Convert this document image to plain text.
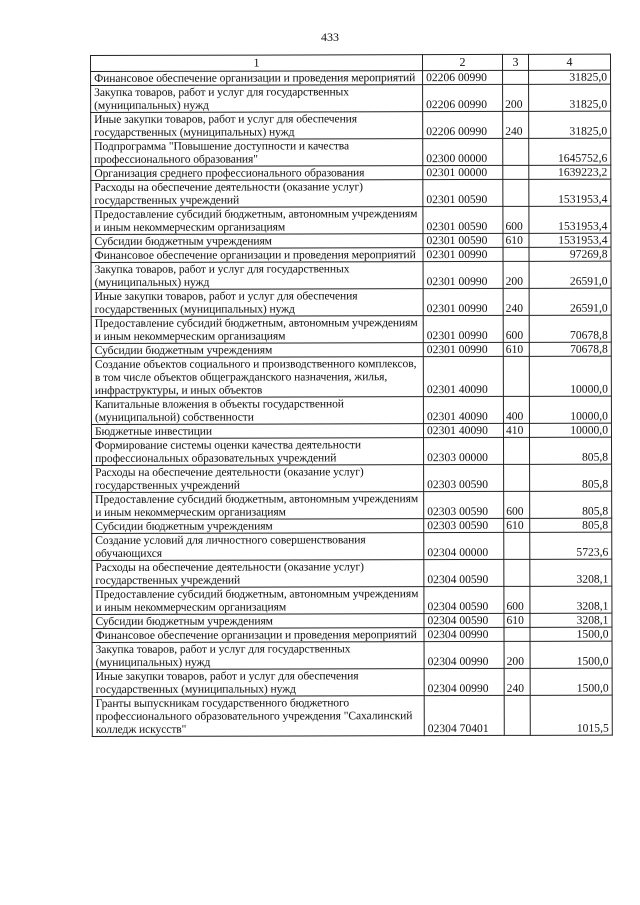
433
1	2	3	4
Финансовое обеспечение организации и проведения мероприятий	02206 00990		31825,0
Закупка товаров, работ и услуг для государственных (муниципальных) нужд	02206 00990	200	31825,0
Иные закупки товаров, работ и услуг для обеспечения государственных (муниципальных) нужд	02206 00990	240	31825,0
Подпрограмма "Повышение доступности и качества профессионального образования"	02300 00000		1645752,6
Организация среднего профессионального образования	02301 00000		1639223,2
Расходы на обеспечение деятельности (оказание услуг) государственных учреждений	02301 00590		1531953,4
Предоставление субсидий бюджетным, автономным учреждениям и иным некоммерческим организациям	02301 00590	600	1531953,4
Субсидии бюджетным учреждениям	02301 00590	610	1531953,4
Финансовое обеспечение организации и проведения мероприятий	02301 00990		97269,8
Закупка товаров, работ и услуг для государственных (муниципальных) нужд	02301 00990	200	26591,0
Иные закупки товаров, работ и услуг для обеспечения государственных (муниципальных) нужд	02301 00990	240	26591,0
Предоставление субсидий бюджетным, автономным учреждениям и иным некоммерческим организациям	02301 00990	600	70678,8
Субсидии бюджетным учреждениям	02301 00990	610	70678,8
Создание объектов социального и производственного комплексов, в том числе объектов общегражданского назначения, жилья, инфраструктуры, и иных объектов	02301 40090		10000,0
Капитальные вложения в объекты государственной (муниципальной) собственности	02301 40090	400	10000,0
Бюджетные инвестиции	02301 40090	410	10000,0
Формирование системы оценки качества деятельности профессиональных образовательных учреждений	02303 00000		805,8
Расходы на обеспечение деятельности (оказание услуг) государственных учреждений	02303 00590		805,8
Предоставление субсидий бюджетным, автономным учреждениям и иным некоммерческим организациям	02303 00590	600	805,8
Субсидии бюджетным учреждениям	02303 00590	610	805,8
Создание условий для личностного совершенствования обучающихся	02304 00000		5723,6
Расходы на обеспечение деятельности (оказание услуг) государственных учреждений	02304 00590		3208,1
Предоставление субсидий бюджетным, автономным учреждениям и иным некоммерческим организациям	02304 00590	600	3208,1
Субсидии бюджетным учреждениям	02304 00590	610	3208,1
Финансовое обеспечение организации и проведения мероприятий	02304 00990		1500,0
Закупка товаров, работ и услуг для государственных (муниципальных) нужд	02304 00990	200	1500,0
Иные закупки товаров, работ и услуг для обеспечения государственных (муниципальных) нужд	02304 00990	240	1500,0
Гранты выпускникам государственного бюджетного профессионального образовательного учреждения "Сахалинский колледж искусств"	02304 70401		1015,5
